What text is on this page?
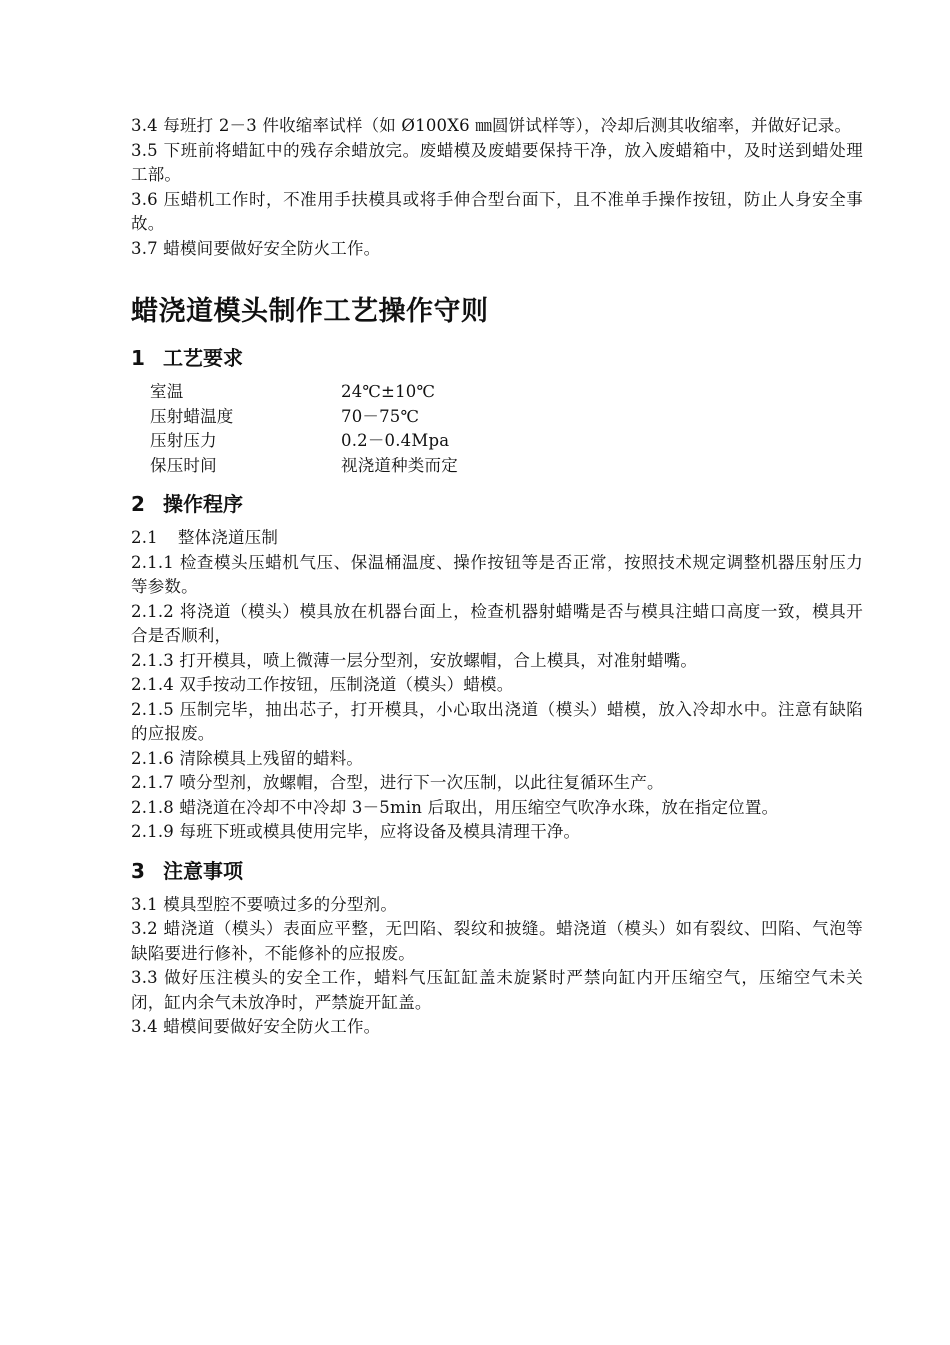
3.4 每班打 2－3 件收缩率试样（如 Ø100X6 ㎜圆饼试样等），冷却后测其收缩率，并做好记录。

3.5 下班前将蜡缸中的残存余蜡放完。废蜡模及废蜡要保持干净，放入废蜡箱中，及时送到蜡处理工部。

3.6 压蜡机工作时，不准用手扶模具或将手伸合型台面下，且不准单手操作按钮，防止人身安全事故。

3.7 蜡模间要做好安全防火工作。

蜡浇道模头制作工艺操作守则
1 工艺要求
室温	24℃±10℃
压射蜡温度	70－75℃
压射压力	0.2－0.4Mpa
保压时间	视浇道种类而定
2 操作程序

2.1 整体浇道压制

2.1.1 检查模头压蜡机气压、保温桶温度、操作按钮等是否正常，按照技术规定调整机器压射压力等参数。

2.1.2 将浇道（模头）模具放在机器台面上，检查机器射蜡嘴是否与模具注蜡口高度一致，模具开合是否顺利，

2.1.3 打开模具，喷上微薄一层分型剂，安放螺帽，合上模具，对准射蜡嘴。

2.1.4 双手按动工作按钮，压制浇道（模头）蜡模。

2.1.5 压制完毕，抽出芯子，打开模具，小心取出浇道（模头）蜡模，放入冷却水中。注意有缺陷的应报废。

2.1.6 清除模具上残留的蜡料。

2.1.7 喷分型剂，放螺帽，合型，进行下一次压制，以此往复循环生产。

2.1.8 蜡浇道在冷却不中冷却 3－5min 后取出，用压缩空气吹净水珠，放在指定位置。

2.1.9 每班下班或模具使用完毕，应将设备及模具清理干净。

3 注意事项

3.1 模具型腔不要喷过多的分型剂。

3.2 蜡浇道（模头）表面应平整，无凹陷、裂纹和披缝。蜡浇道（模头）如有裂纹、凹陷、气泡等缺陷要进行修补，不能修补的应报废。

3.3 做好压注模头的安全工作，蜡料气压缸缸盖未旋紧时严禁向缸内开压缩空气，压缩空气未关闭，缸内余气未放净时，严禁旋开缸盖。

3.4 蜡模间要做好安全防火工作。
